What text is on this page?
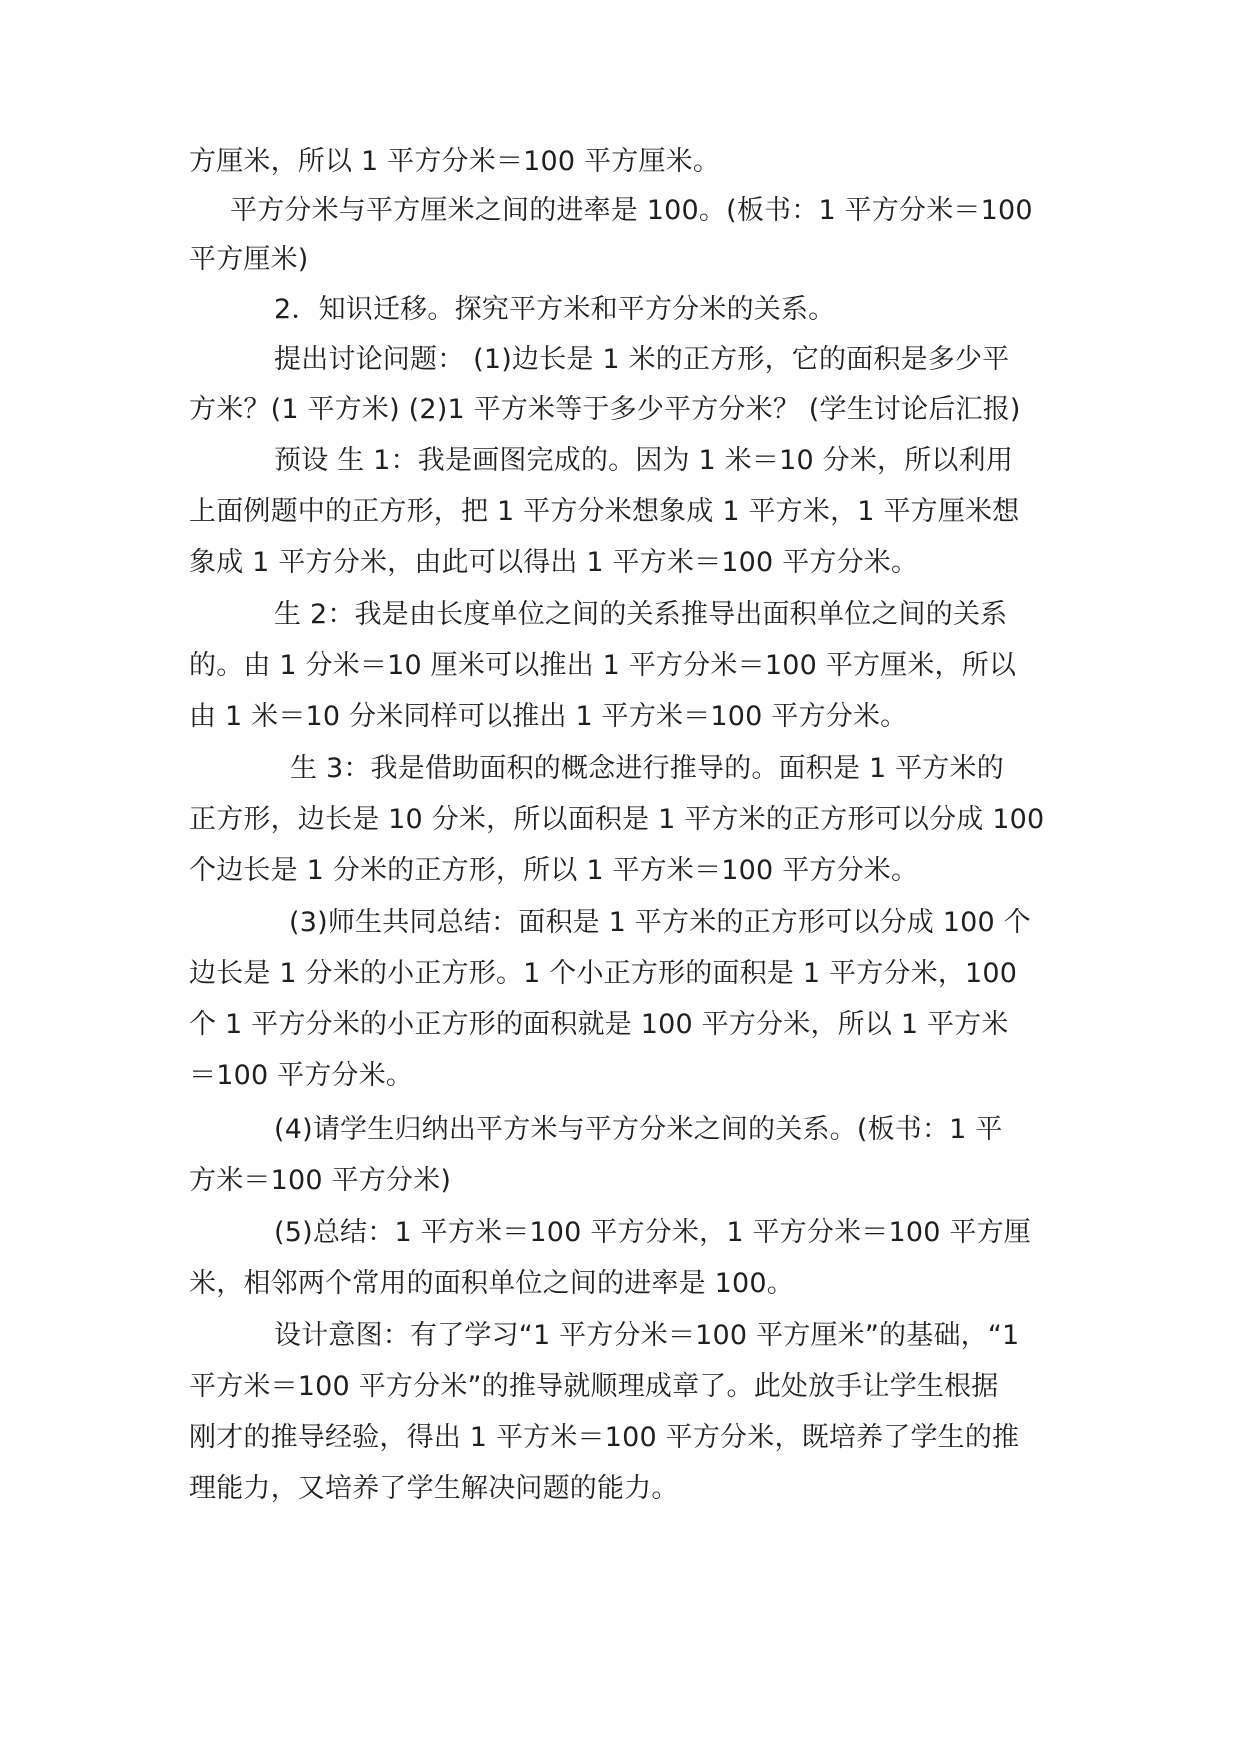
方厘米，所以 1 平方分米＝100 平方厘米。

平方分米与平方厘米之间的进率是 100。(板书：1 平方分米＝100

平方厘米)

2．知识迁移。探究平方米和平方分米的关系。

提出讨论问题： (1)边长是 1 米的正方形，它的面积是多少平

方米？(1 平方米) (2)1 平方米等于多少平方分米？ (学生讨论后汇报)

预设 生 1：我是画图完成的。因为 1 米＝10 分米，所以利用

上面例题中的正方形，把 1 平方分米想象成 1 平方米，1 平方厘米想

象成 1 平方分米，由此可以得出 1 平方米＝100 平方分米。

生 2：我是由长度单位之间的关系推导出面积单位之间的关系

的。由 1 分米＝10 厘米可以推出 1 平方分米＝100 平方厘米，所以

由 1 米＝10 分米同样可以推出 1 平方米＝100 平方分米。

生 3：我是借助面积的概念进行推导的。面积是 1 平方米的

正方形，边长是 10 分米，所以面积是 1 平方米的正方形可以分成 100

个边长是 1 分米的正方形，所以 1 平方米＝100 平方分米。

(3)师生共同总结：面积是 1 平方米的正方形可以分成 100 个

边长是 1 分米的小正方形。1 个小正方形的面积是 1 平方分米，100

个 1 平方分米的小正方形的面积就是 100 平方分米，所以 1 平方米

＝100 平方分米。

(4)请学生归纳出平方米与平方分米之间的关系。(板书：1 平

方米＝100 平方分米)

(5)总结：1 平方米＝100 平方分米，1 平方分米＝100 平方厘

米，相邻两个常用的面积单位之间的进率是 100。

设计意图：有了学习“1 平方分米＝100 平方厘米”的基础，“1

平方米＝100 平方分米”的推导就顺理成章了。此处放手让学生根据

刚才的推导经验，得出 1 平方米＝100 平方分米，既培养了学生的推

理能力，又培养了学生解决问题的能力。
